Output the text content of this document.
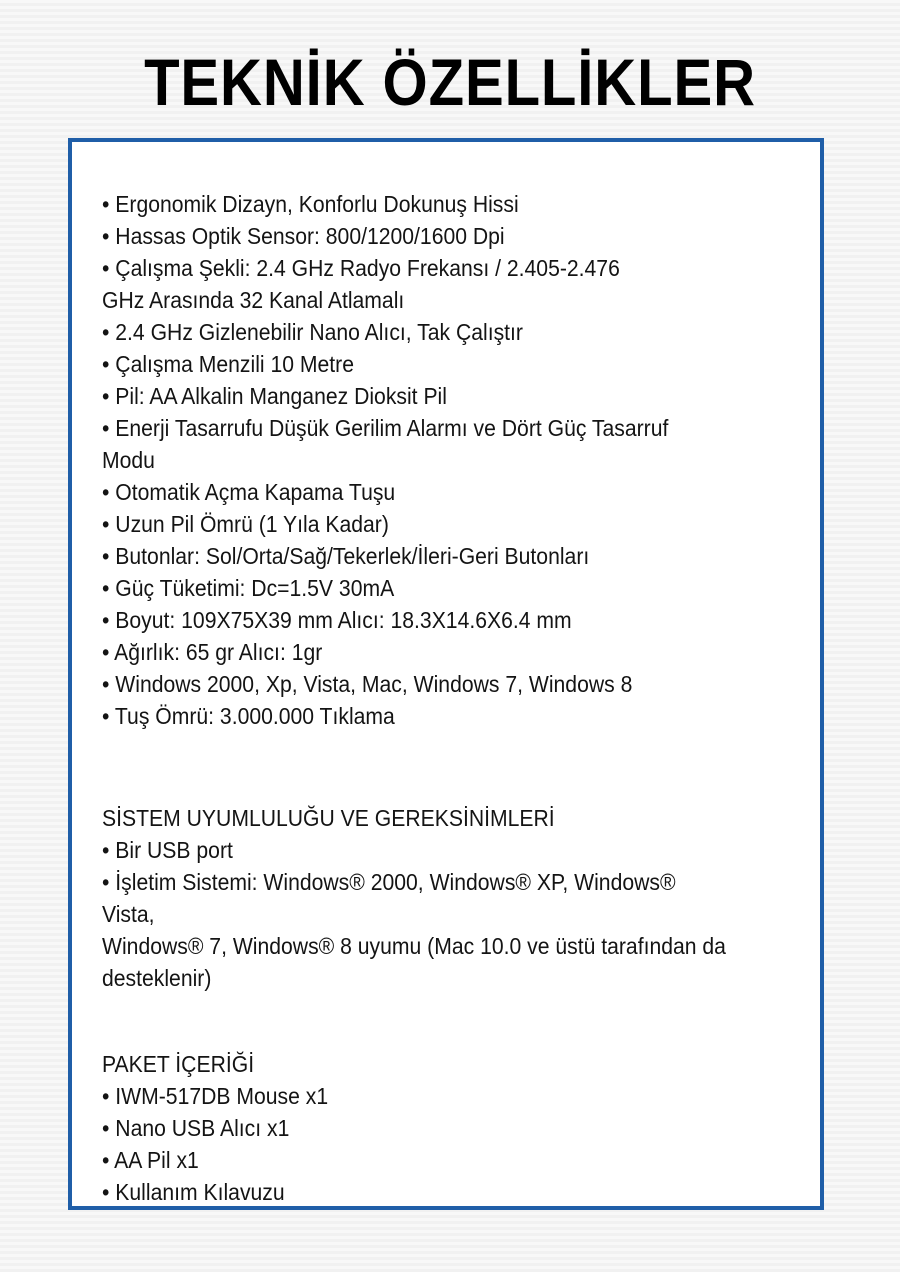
TEKNİK ÖZELLİKLER
• Ergonomik Dizayn, Konforlu Dokunuş Hissi
• Hassas Optik Sensor: 800/1200/1600 Dpi
• Çalışma Şekli: 2.4 GHz Radyo Frekansı / 2.405-2.476
GHz Arasında 32 Kanal Atlamalı
• 2.4 GHz Gizlenebilir Nano Alıcı, Tak Çalıştır
• Çalışma Menzili 10 Metre
• Pil: AA Alkalin Manganez Dioksit Pil
• Enerji Tasarrufu Düşük Gerilim Alarmı ve Dört Güç Tasarruf
Modu
• Otomatik Açma Kapama Tuşu
• Uzun Pil Ömrü (1 Yıla Kadar)
• Butonlar: Sol/Orta/Sağ/Tekerlek/İleri-Geri Butonları
• Güç Tüketimi: Dc=1.5V 30mA
• Boyut: 109X75X39 mm Alıcı: 18.3X14.6X6.4 mm
• Ağırlık: 65 gr Alıcı: 1gr
• Windows 2000, Xp, Vista, Mac, Windows 7, Windows 8
• Tuş Ömrü: 3.000.000 Tıklama
SİSTEM UYUMLULUĞU VE GEREKSİNİMLERİ
• Bir USB port
• İşletim Sistemi: Windows® 2000, Windows® XP, Windows® Vista,
Windows® 7, Windows® 8 uyumu (Mac 10.0 ve üstü tarafından da
desteklenir)
PAKET İÇERİĞİ
• IWM-517DB Mouse x1
• Nano USB Alıcı x1
• AA Pil x1
• Kullanım Kılavuzu
